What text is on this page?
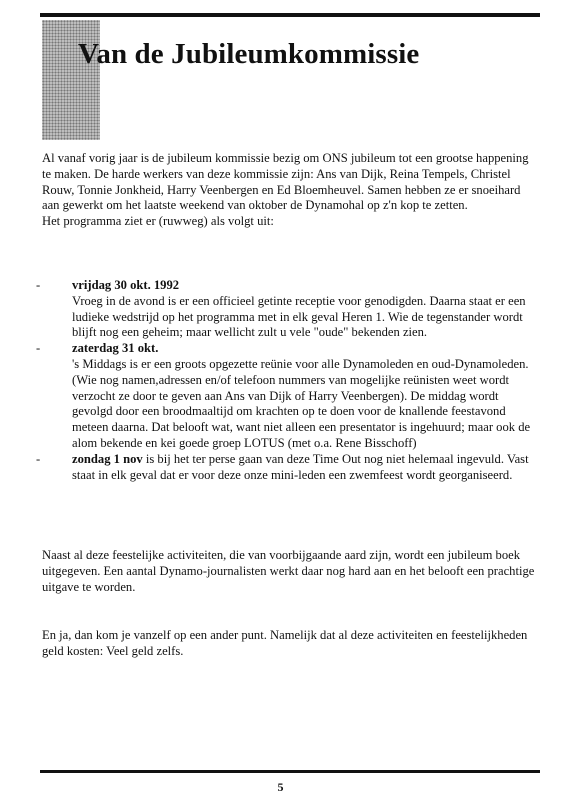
Van de Jubileumkommissie

Al vanaf vorig jaar is de jubileum kommissie bezig om ONS jubileum tot een grootse happening te maken. De harde werkers van deze kommissie zijn: Ans van Dijk, Reina Tempels, Christel Rouw, Tonnie Jonkheid, Harry Veenbergen en Ed Bloemheuvel. Samen hebben ze er snoeihard aan gewerkt om het laatste weekend van oktober de Dynamohal op z'n kop te zetten.

Het programma ziet er (ruwweg) als volgt uit:

-	vrijdag 30 okt. 1992
Vroeg in de avond is er een officieel getinte receptie voor genodigden. Daarna staat er een ludieke wedstrijd op het programma met in elk geval Heren 1. Wie de tegenstander wordt blijft nog een geheim; maar wellicht zult u vele "oude" bekenden zien.
-	zaterdag 31 okt.
's Middags is er een groots opgezette reünie voor alle Dynamoleden en oud-Dynamoleden. (Wie nog namen,adressen en/of telefoon nummers van mogelijke reünisten weet wordt verzocht ze door te geven aan Ans van Dijk of Harry Veenbergen). De middag wordt gevolgd door een broodmaaltijd om krachten op te doen voor de knallende feestavond meteen daarna. Dat belooft wat, want niet alleen een presentator is ingehuurd; maar ook de alom bekende en kei goede groep LOTUS (met o.a. Rene Bisschoff)
-	zondag 1 nov is bij het ter perse gaan van deze Time Out nog niet helemaal ingevuld. Vast staat in elk geval dat er voor deze onze mini-leden een zwemfeest wordt georganiseerd.

Naast al deze feestelijke activiteiten, die van voorbijgaande aard zijn, wordt een jubileum boek uitgegeven. Een aantal Dynamo-journalisten werkt daar nog hard aan en het belooft een prachtige uitgave te worden.

En ja, dan kom je vanzelf op een ander punt. Namelijk dat al deze activiteiten en feestelijkheden geld kosten: Veel geld zelfs.

5
